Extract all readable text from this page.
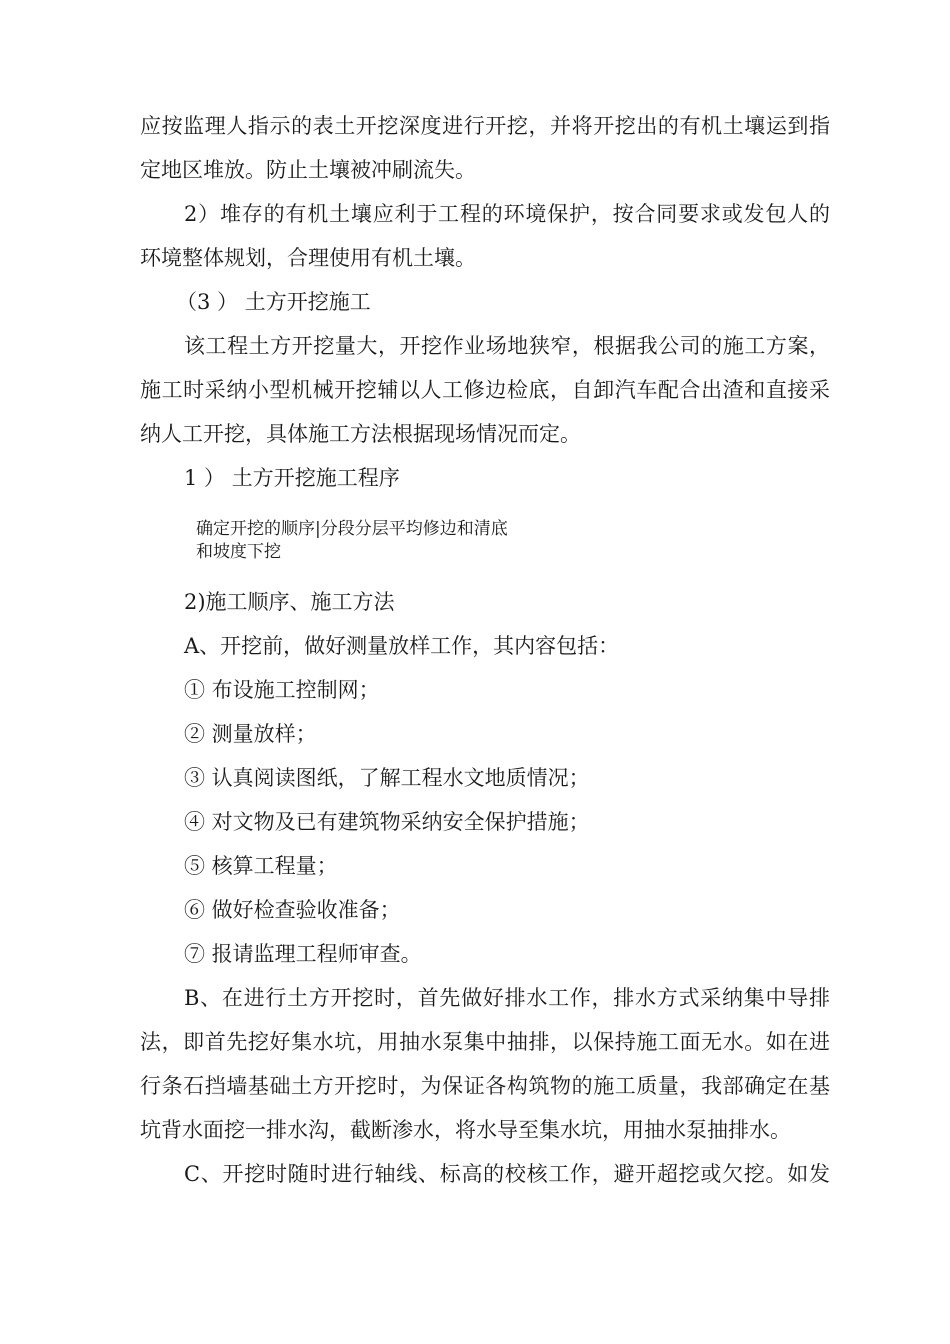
应按监理人指示的表土开挖深度进行开挖，并将开挖出的有机土壤运到指
定地区堆放。防止土壤被冲刷流失。
2）堆存的有机土壤应利于工程的环境保护，按合同要求或发包人的
环境整体规划，合理使用有机土壤。
（3 ） 土方开挖施工
该工程土方开挖量大，开挖作业场地狭窄，根据我公司的施工方案，
施工时采纳小型机械开挖辅以人工修边检底，自卸汽车配合出渣和直接采
纳人工开挖，具体施工方法根据现场情况而定。
1 ） 土方开挖施工程序
确定开挖的顺序|分段分层平均修边和清底
和坡度下挖
2)施工顺序、施工方法
A、开挖前，做好测量放样工作，其内容包括：
① 布设施工控制网；
② 测量放样；
③ 认真阅读图纸，了解工程水文地质情况；
④ 对文物及已有建筑物采纳安全保护措施；
⑤ 核算工程量；
⑥ 做好检查验收准备；
⑦ 报请监理工程师审查。
B、在进行土方开挖时，首先做好排水工作，排水方式采纳集中导排
法，即首先挖好集水坑，用抽水泵集中抽排，以保持施工面无水。如在进
行条石挡墙基础土方开挖时，为保证各构筑物的施工质量，我部确定在基
坑背水面挖一排水沟，截断渗水，将水导至集水坑，用抽水泵抽排水。
C、开挖时随时进行轴线、标高的校核工作，避开超挖或欠挖。如发
